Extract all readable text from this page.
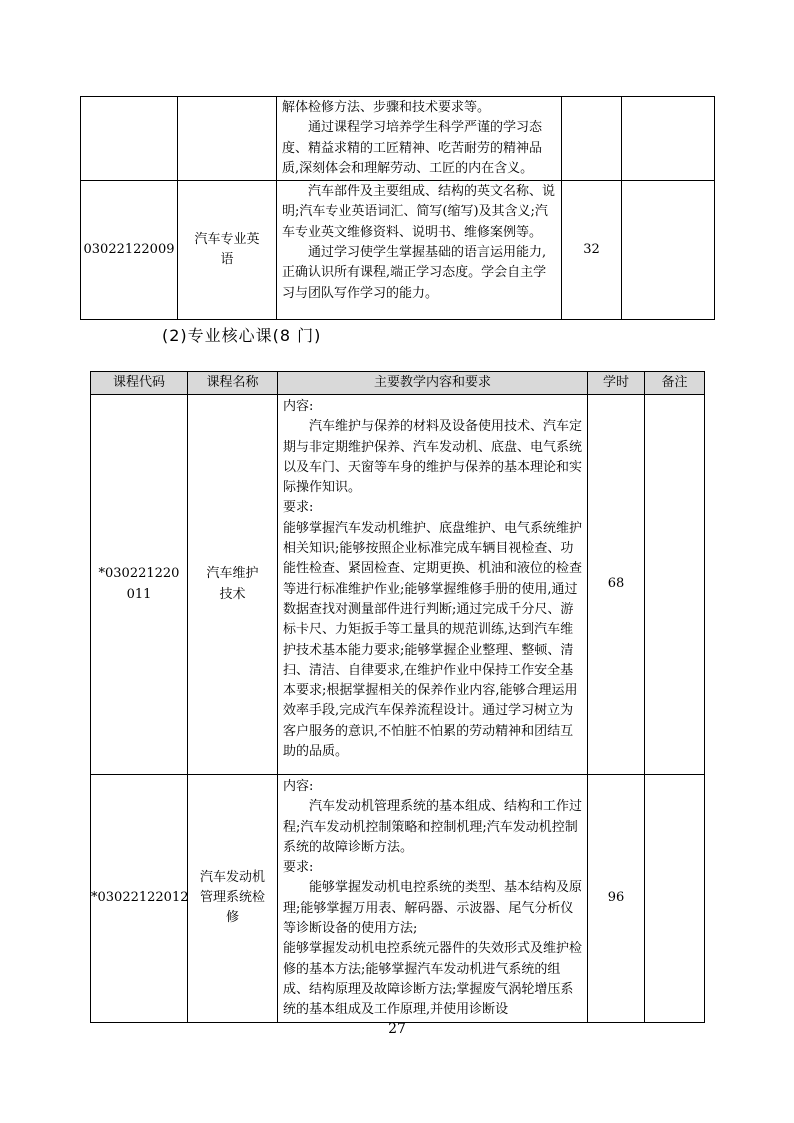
		解体检修方法、步骤和技术要求等。
通过课程学习培养学生科学严谨的学习态度、精益求精的工匠精神、吃苦耐劳的精神品质,深刻体会和理解劳动、工匠的内在含义。		

03022122009	汽车专业英语	汽车部件及主要组成、结构的英文名称、说明;汽车专业英语词汇、简写(缩写)及其含义;汽车专业英文维修资料、说明书、维修案例等。
通过学习使学生掌握基础的语言运用能力,正确认识所有课程,端正学习态度。学会自主学习与团队写作学习的能力。	32	
(2)专业核心课(8 门)
课程代码	课程名称	主要教学内容和要求	学时	备注
*030221220011	汽车维护技术	内容:
汽车维护与保养的材料及设备使用技术、汽车定期与非定期维护保养、汽车发动机、底盘、电气系统以及车门、天窗等车身的维护与保养的基本理论和实际操作知识。
要求:
能够掌握汽车发动机维护、底盘维护、电气系统维护相关知识;能够按照企业标准完成车辆目视检查、功能性检查、紧固检查、定期更换、机油和液位的检查等进行标准维护作业;能够掌握维修手册的使用,通过数据查找对测量部件进行判断;通过完成千分尺、游标卡尺、力矩扳手等工量具的规范训练,达到汽车维护技术基本能力要求;能够掌握企业整理、整顿、清扫、清洁、自律要求,在维护作业中保持工作安全基本要求;根据掌握相关的保养作业内容,能够合理运用效率手段,完成汽车保养流程设计。通过学习树立为客户服务的意识,不怕脏不怕累的劳动精神和团结互助的品质。	68	
*03022122012	汽车发动机管理系统检修	内容:
汽车发动机管理系统的基本组成、结构和工作过程;汽车发动机控制策略和控制机理;汽车发动机控制系统的故障诊断方法。
要求:
能够掌握发动机电控系统的类型、基本结构及原理;能够掌握万用表、解码器、示波器、尾气分析仪等诊断设备的使用方法;
能够掌握发动机电控系统元器件的失效形式及维护检修的基本方法;能够掌握汽车发动机进气系统的组成、结构原理及故障诊断方法;掌握废气涡轮增压系统的基本组成及工作原理,并使用诊断设	96	
27
